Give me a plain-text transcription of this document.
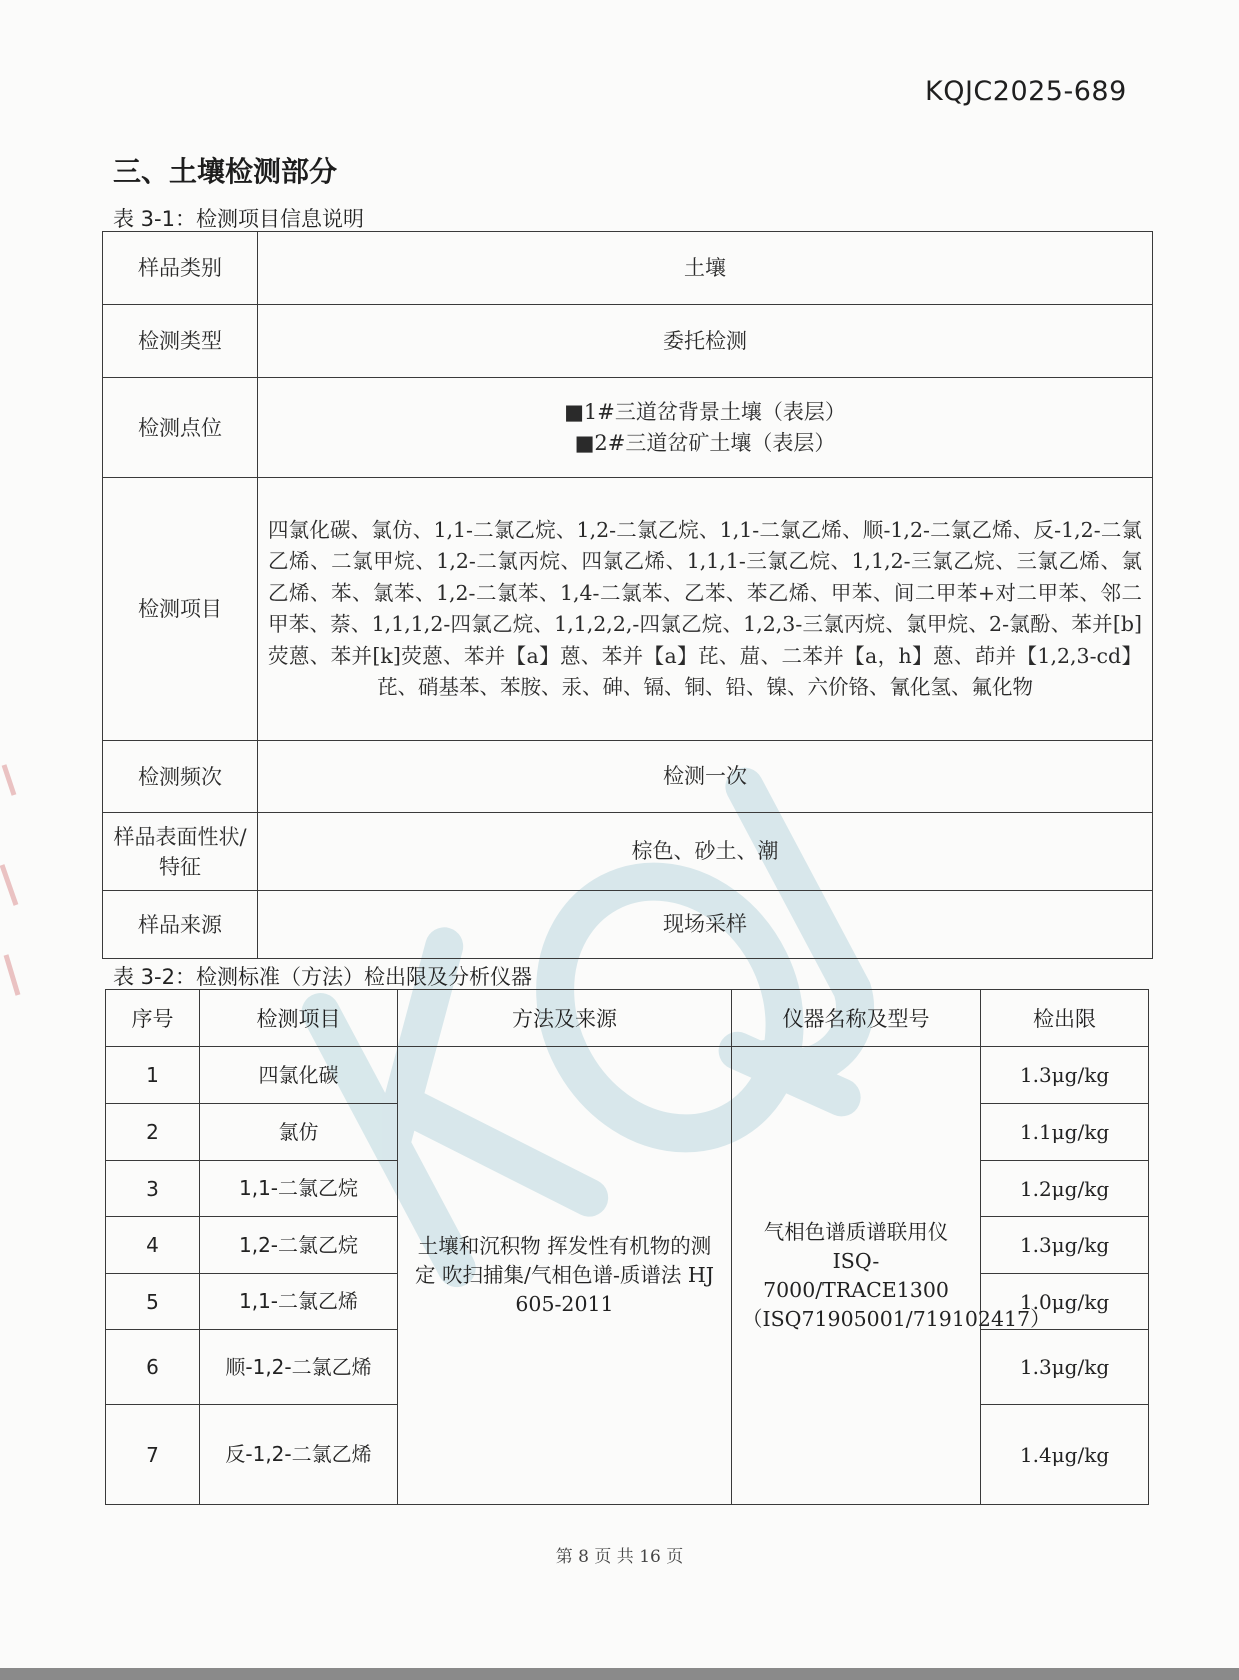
KQJC2025-689
三、土壤检测部分
表 3-1：检测项目信息说明
样品类别	土壤
检测类型	委托检测
检测点位	■1#三道岔背景土壤（表层）
■2#三道岔矿土壤（表层）

检测项目	四氯化碳、氯仿、1,1-二氯乙烷、1,2-二氯乙烷、1,1-二氯乙烯、顺-1,2-二氯乙烯、反-1,2-二氯乙烯、二氯甲烷、1,2-二氯丙烷、四氯乙烯、1,1,1-三氯乙烷、1,1,2-三氯乙烷、三氯乙烯、氯乙烯、苯、氯苯、1,2-二氯苯、1,4-二氯苯、乙苯、苯乙烯、甲苯、间二甲苯+对二甲苯、邻二甲苯、萘、1,1,1,2-四氯乙烷、1,1,2,2,-四氯乙烷、1,2,3-三氯丙烷、氯甲烷、2-氯酚、苯并[b]荧蒽、苯并[k]荧蒽、苯并【a】蒽、苯并【a】芘、䓛、二苯并【a，h】蒽、茚并【1,2,3-cd】芘、硝基苯、苯胺、汞、砷、镉、铜、铅、镍、六价铬、氰化氢、氟化物
检测频次	检测一次
样品表面性状/特征	棕色、砂土、潮
样品来源	现场采样
表 3-2：检测标准（方法）检出限及分析仪器
序号	检测项目	方法及来源	仪器名称及型号	检出限
1	四氯化碳	土壤和沉积物 挥发性有机物的测定 吹扫捕集/气相色谱-质谱法 HJ 605-2011	气相色谱质谱联用仪ISQ-7000/TRACE1300（ISQ71905001/719102417）	1.3μg/kg
2	氯仿			1.1μg/kg
3	1,1-二氯乙烷			1.2μg/kg
4	1,2-二氯乙烷			1.3μg/kg
5	1,1-二氯乙烯			1.0μg/kg
6	顺-1,2-二氯乙烯			1.3μg/kg
7	反-1,2-二氯乙烯			1.4μg/kg
第 8 页 共 16 页
